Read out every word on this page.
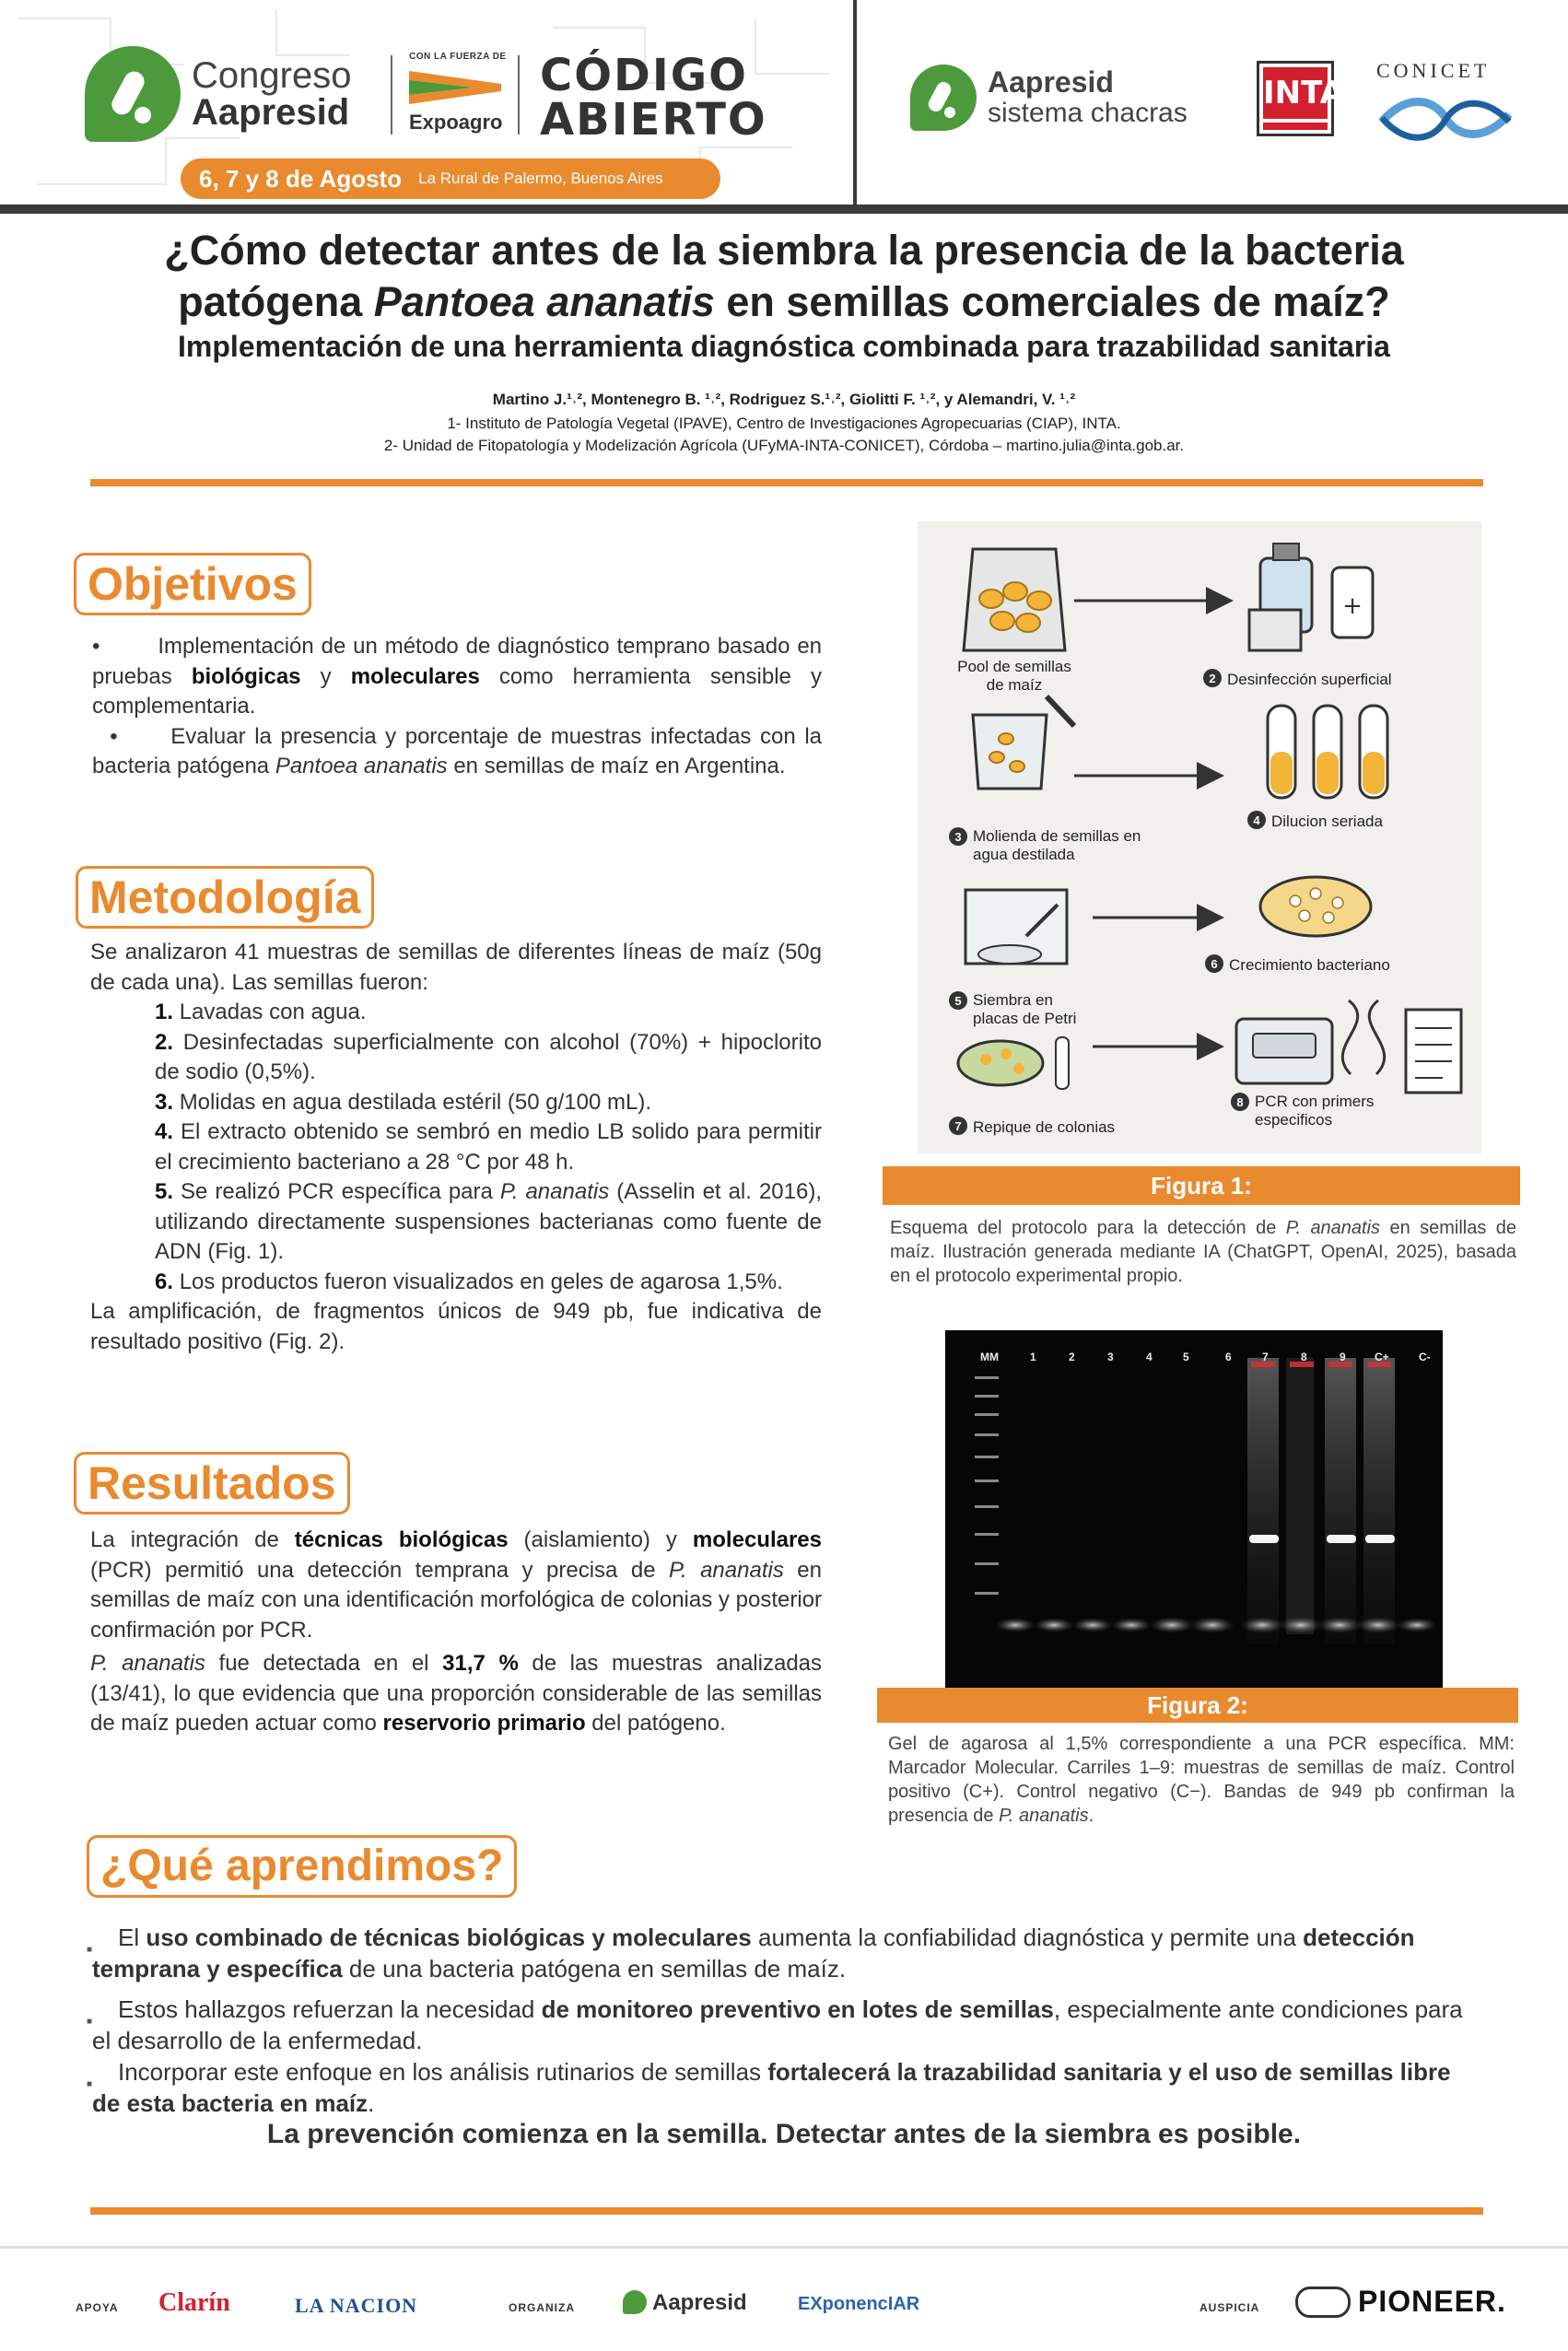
Congreso
Aapresid
CON LA FUERZA DE
Expoagro
CÓDIGO
ABIERTO
6, 7 y 8 de Agosto La Rural de Palermo, Buenos Aires
Aapresid
sistema chacras
INTA
CONICET
¿Cómo detectar antes de la siembra la presencia de la bacteria
patógena Pantoea ananatis en semillas comerciales de maíz?
Implementación de una herramienta diagnóstica combinada para trazabilidad sanitaria
Martino J.¹˒², Montenegro B. ¹˒², Rodriguez S.¹˒², Giolitti F. ¹˒², y Alemandri, V. ¹˒²
1- Instituto de Patología Vegetal (IPAVE), Centro de Investigaciones Agropecuarias (CIAP), INTA.
2- Unidad de Fitopatología y Modelización Agrícola (UFyMA-INTA-CONICET), Córdoba – martino.julia@inta.gob.ar.
Objetivos
•        Implementación de un método de diagnóstico temprano basado en pruebas biológicas y moleculares como herramienta sensible y complementaria.
•      Evaluar la presencia y porcentaje de muestras infectadas con la bacteria patógena Pantoea ananatis en semillas de maíz en Argentina.
Metodología
Se analizaron 41 muestras de semillas de diferentes líneas de maíz (50g de cada una). Las semillas fueron:
1. Lavadas con agua.
2. Desinfectadas superficialmente con alcohol (70%) + hipoclorito de sodio (0,5%).
3. Molidas en agua destilada estéril (50 g/100 mL).
4. El extracto obtenido se sembró en medio LB solido para permitir el crecimiento bacteriano a 28 °C por 48 h.
5. Se realizó PCR específica para P. ananatis (Asselin et al. 2016), utilizando directamente suspensiones bacterianas como fuente de ADN (Fig. 1).
6. Los productos fueron visualizados en geles de agarosa 1,5%.
La amplificación, de fragmentos únicos de 949 pb, fue indicativa de resultado positivo (Fig. 2).
Resultados
La integración de técnicas biológicas (aislamiento) y moleculares (PCR) permitió una detección temprana y precisa de P. ananatis en semillas de maíz con una identificación morfológica de colonias y posterior confirmación por PCR.
P. ananatis fue detectada en el 31,7 % de las muestras analizadas (13/41), lo que evidencia que una proporción considerable de las semillas de maíz pueden actuar como reservorio primario del patógeno.
+
2
3
4
5
6
7
8
Pool de semillas de maíz	Desinfección superficial
Molienda de semillas en agua destilada
Dilucion seriada
Siembra en placas de Petri
Crecimiento bacteriano
Repique de colonias
PCR con primers especificos
Figura 1:
Esquema del protocolo para la detección de P. ananatis en semillas de maíz. Ilustración generada mediante IA (ChatGPT, OpenAI, 2025), basada en el protocolo experimental propio.
MM	1	2	3	4	5	6	7	8	9	C+	C-
Figura 2:
Gel de agarosa al 1,5% correspondiente a una PCR específica. MM: Marcador Molecular. Carriles 1–9: muestras de semillas de maíz. Control positivo (C+). Control negativo (C−). Bandas de 949 pb confirman la presencia de P. ananatis.
¿Qué aprendimos?
■ El uso combinado de técnicas biológicas y moleculares aumenta la confiabilidad diagnóstica y permite una detección temprana y específica de una bacteria patógena en semillas de maíz.
■ Estos hallazgos refuerzan la necesidad de monitoreo preventivo en lotes de semillas, especialmente ante condiciones para el desarrollo de la enfermedad.
■ Incorporar este enfoque en los análisis rutinarios de semillas fortalecerá la trazabilidad sanitaria y el uso de semillas libre de esta bacteria en maíz.
La prevención comienza en la semilla. Detectar antes de la siembra es posible.
APOYA Clarín	LA NACION	ORGANIZA	Aapresid	EXponencIAR	AUSPICIA	PIONEER.
